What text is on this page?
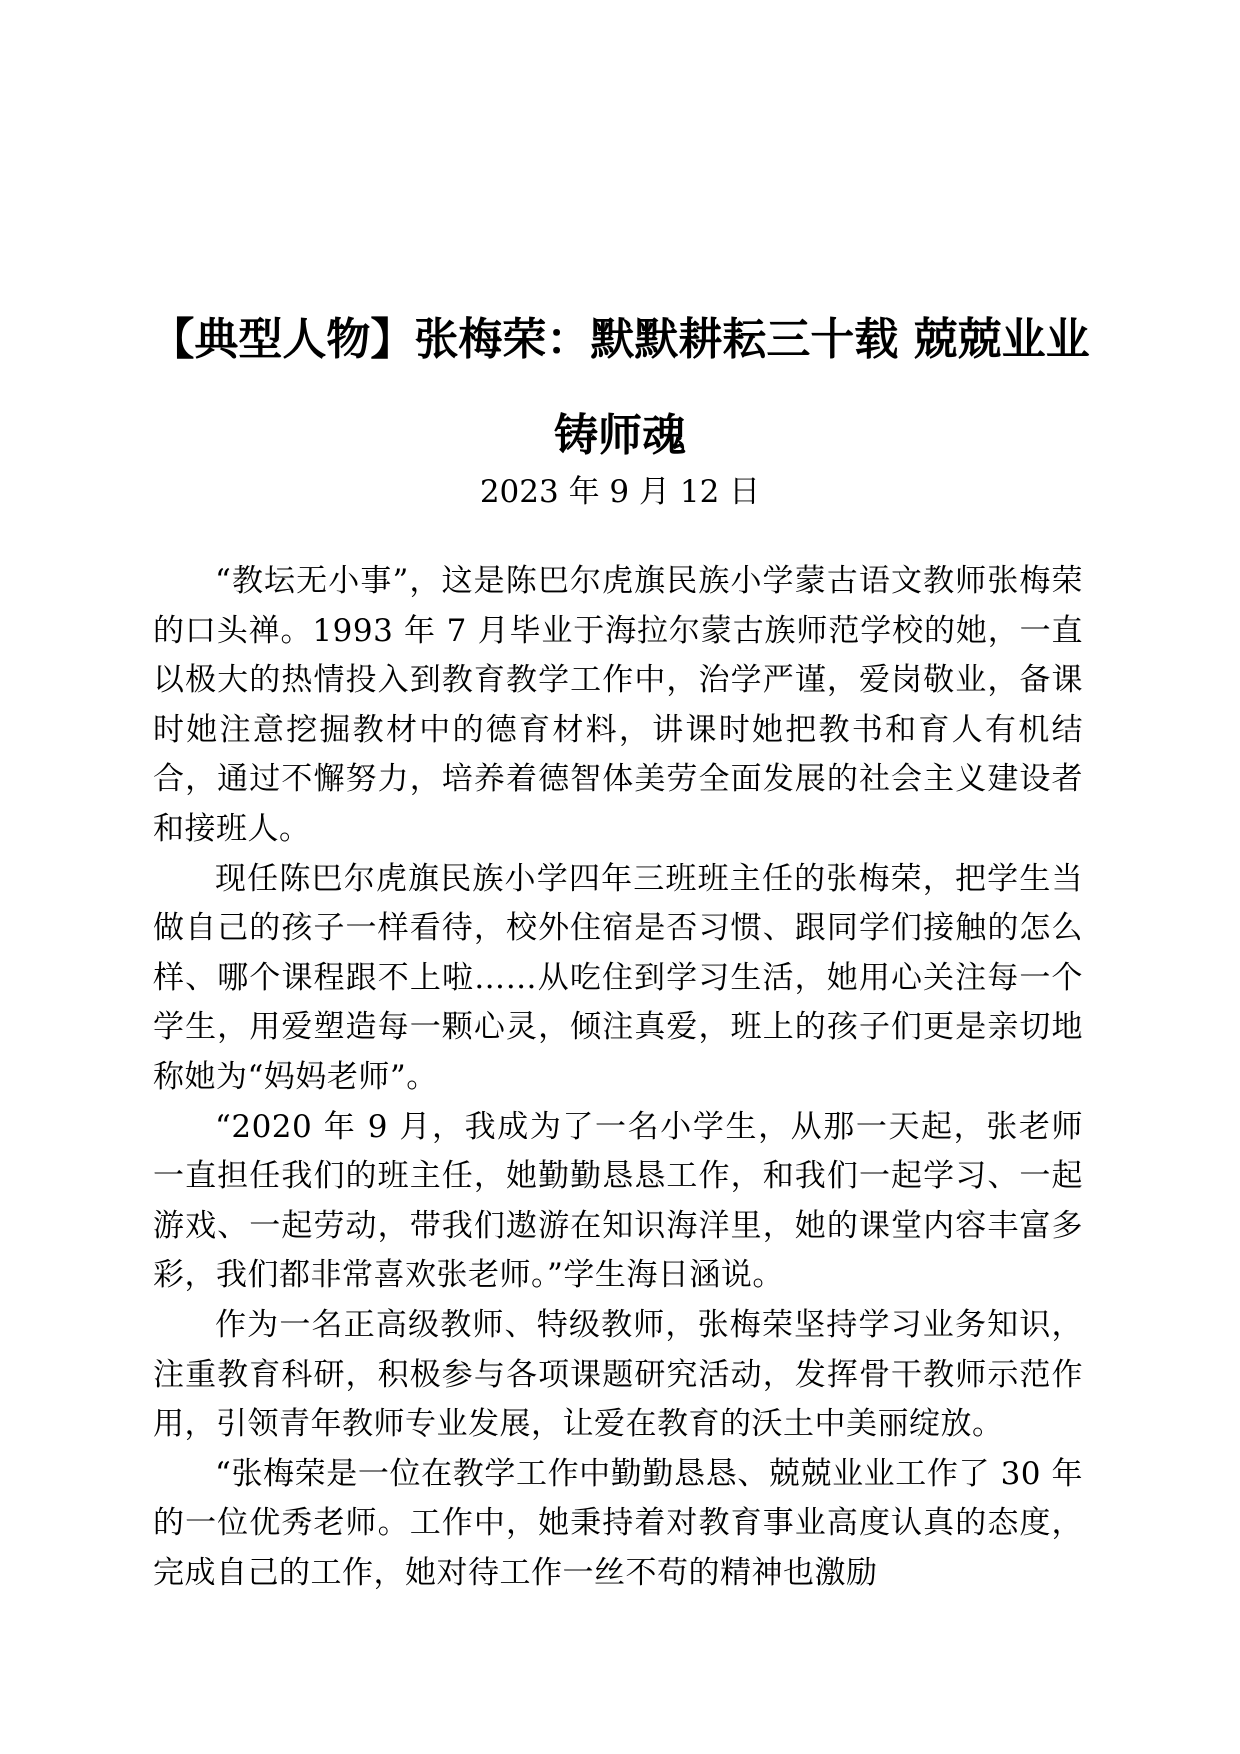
【典型人物】张梅荣：默默耕耘三十载 兢兢业业铸师魂
2023 年 9 月 12 日

“教坛无小事”，这是陈巴尔虎旗民族小学蒙古语文教师张梅荣的口头禅。1993 年 7 月毕业于海拉尔蒙古族师范学校的她，一直以极大的热情投入到教育教学工作中，治学严谨，爱岗敬业，备课时她注意挖掘教材中的德育材料，讲课时她把教书和育人有机结合，通过不懈努力，培养着德智体美劳全面发展的社会主义建设者和接班人。

现任陈巴尔虎旗民族小学四年三班班主任的张梅荣，把学生当做自己的孩子一样看待，校外住宿是否习惯、跟同学们接触的怎么样、哪个课程跟不上啦……从吃住到学习生活，她用心关注每一个学生，用爱塑造每一颗心灵，倾注真爱，班上的孩子们更是亲切地称她为“妈妈老师”。

“2020 年 9 月，我成为了一名小学生，从那一天起，张老师一直担任我们的班主任，她勤勤恳恳工作，和我们一起学习、一起游戏、一起劳动，带我们遨游在知识海洋里，她的课堂内容丰富多彩，我们都非常喜欢张老师。”学生海日涵说。

作为一名正高级教师、特级教师，张梅荣坚持学习业务知识，注重教育科研，积极参与各项课题研究活动，发挥骨干教师示范作用，引领青年教师专业发展，让爱在教育的沃土中美丽绽放。

“张梅荣是一位在教学工作中勤勤恳恳、兢兢业业工作了 30 年的一位优秀老师。工作中，她秉持着对教育事业高度认真的态度，完成自己的工作，她对待工作一丝不苟的精神也激励
